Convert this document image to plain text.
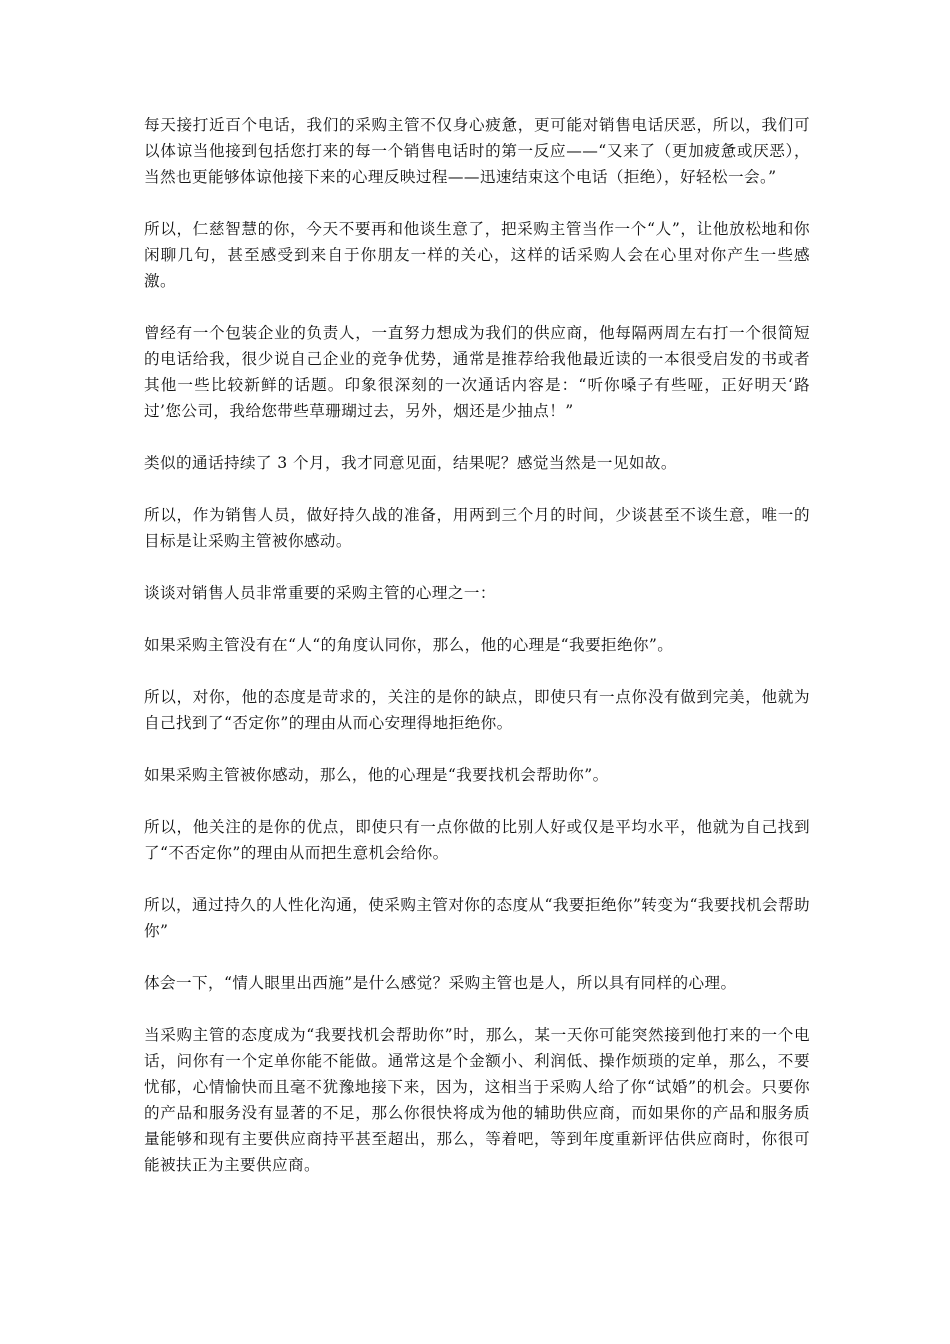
每天接打近百个电话，我们的采购主管不仅身心疲惫，更可能对销售电话厌恶，所以，我们可以体谅当他接到包括您打来的每一个销售电话时的第一反应——“又来了（更加疲惫或厌恶），当然也更能够体谅他接下来的心理反映过程——迅速结束这个电话（拒绝），好轻松一会。”

所以，仁慈智慧的你，今天不要再和他谈生意了，把采购主管当作一个“人”，让他放松地和你闲聊几句，甚至感受到来自于你朋友一样的关心，这样的话采购人会在心里对你产生一些感激。

曾经有一个包装企业的负责人，一直努力想成为我们的供应商，他每隔两周左右打一个很简短的电话给我，很少说自己企业的竞争优势，通常是推荐给我他最近读的一本很受启发的书或者其他一些比较新鲜的话题。印象很深刻的一次通话内容是：“听你嗓子有些哑，正好明天‘路过’您公司，我给您带些草珊瑚过去，另外，烟还是少抽点！”

类似的通话持续了 3 个月，我才同意见面，结果呢？感觉当然是一见如故。

所以，作为销售人员，做好持久战的准备，用两到三个月的时间，少谈甚至不谈生意，唯一的目标是让采购主管被你感动。

谈谈对销售人员非常重要的采购主管的心理之一：

如果采购主管没有在“人“的角度认同你，那么，他的心理是“我要拒绝你”。

所以，对你，他的态度是苛求的，关注的是你的缺点，即使只有一点你没有做到完美，他就为自己找到了“否定你”的理由从而心安理得地拒绝你。

如果采购主管被你感动，那么，他的心理是“我要找机会帮助你”。

所以，他关注的是你的优点，即使只有一点你做的比别人好或仅是平均水平，他就为自己找到了“不否定你”的理由从而把生意机会给你。

所以，通过持久的人性化沟通，使采购主管对你的态度从“我要拒绝你”转变为“我要找机会帮助你”

体会一下，“情人眼里出西施”是什么感觉？采购主管也是人，所以具有同样的心理。

当采购主管的态度成为“我要找机会帮助你”时，那么，某一天你可能突然接到他打来的一个电话，问你有一个定单你能不能做。通常这是个金额小、利润低、操作烦琐的定单，那么，不要忧郁，心情愉快而且毫不犹豫地接下来，因为，这相当于采购人给了你“试婚”的机会。只要你的产品和服务没有显著的不足，那么你很快将成为他的辅助供应商，而如果你的产品和服务质量能够和现有主要供应商持平甚至超出，那么，等着吧，等到年度重新评估供应商时，你很可能被扶正为主要供应商。
